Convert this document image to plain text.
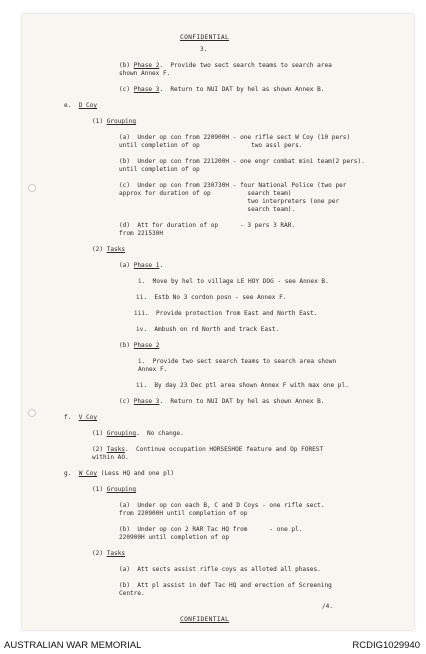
CONFIDENTIAL
3.
(b) Phase 2.  Provide two sect search teams to search area
shown Annex F.
(c) Phase 3.  Return to NUI DAT by hel as shown Annex B.
e.  D Coy
(1) Grouping
(a)  Under op con from 220900H - one rifle sect W Coy (10 pers)
until completion of op              two assl pers.
(b)  Under op con from 221200H - one engr combat mini team(2 pers).
until completion of op
(c)  Under op con from 230730H - four National Police (two per
approx for duration of op          search team)
two interpreters (one per
search team).
(d)  Att for duration of op      - 3 pers 3 RAR.
from 221530H
(2) Tasks
(a) Phase 1.
i.  Move by hel to village LE HOY DOG - see Annex B.
ii.  Estb No 3 cordon posn - see Annex F.
iii.  Provide protection from East and North East.
iv.  Ambush on rd North and track East.
(b) Phase 2
i.  Provide two sect search teams to search area shown
Annex F.
ii.  By day 23 Dec ptl area shown Annex F with max one pl.
(c) Phase 3.  Return to NUI DAT by hel as shown Annex B.
f.  V Coy
(1) Grouping.  No change.
(2) Tasks.  Continue occupation HORSESHOE feature and Op FOREST
within AO.
g.  W Coy (Less HQ and one pl)
(1) Grouping
(a)  Under op con each B, C and D Coys - one rifle sect.
from 220900H until completion of op
(b)  Under op con 2 RAR Tac HQ from      - one pl.
220900H until completion of op
(2) Tasks
(a)  Att sects assist rifle coys as alloted all phases.
(b)  Att pl assist in def Tac HQ and erection of Screening
Centre.
/4.
CONFIDENTIAL
AUSTRALIAN WAR MEMORIAL	RCDIG1029940
